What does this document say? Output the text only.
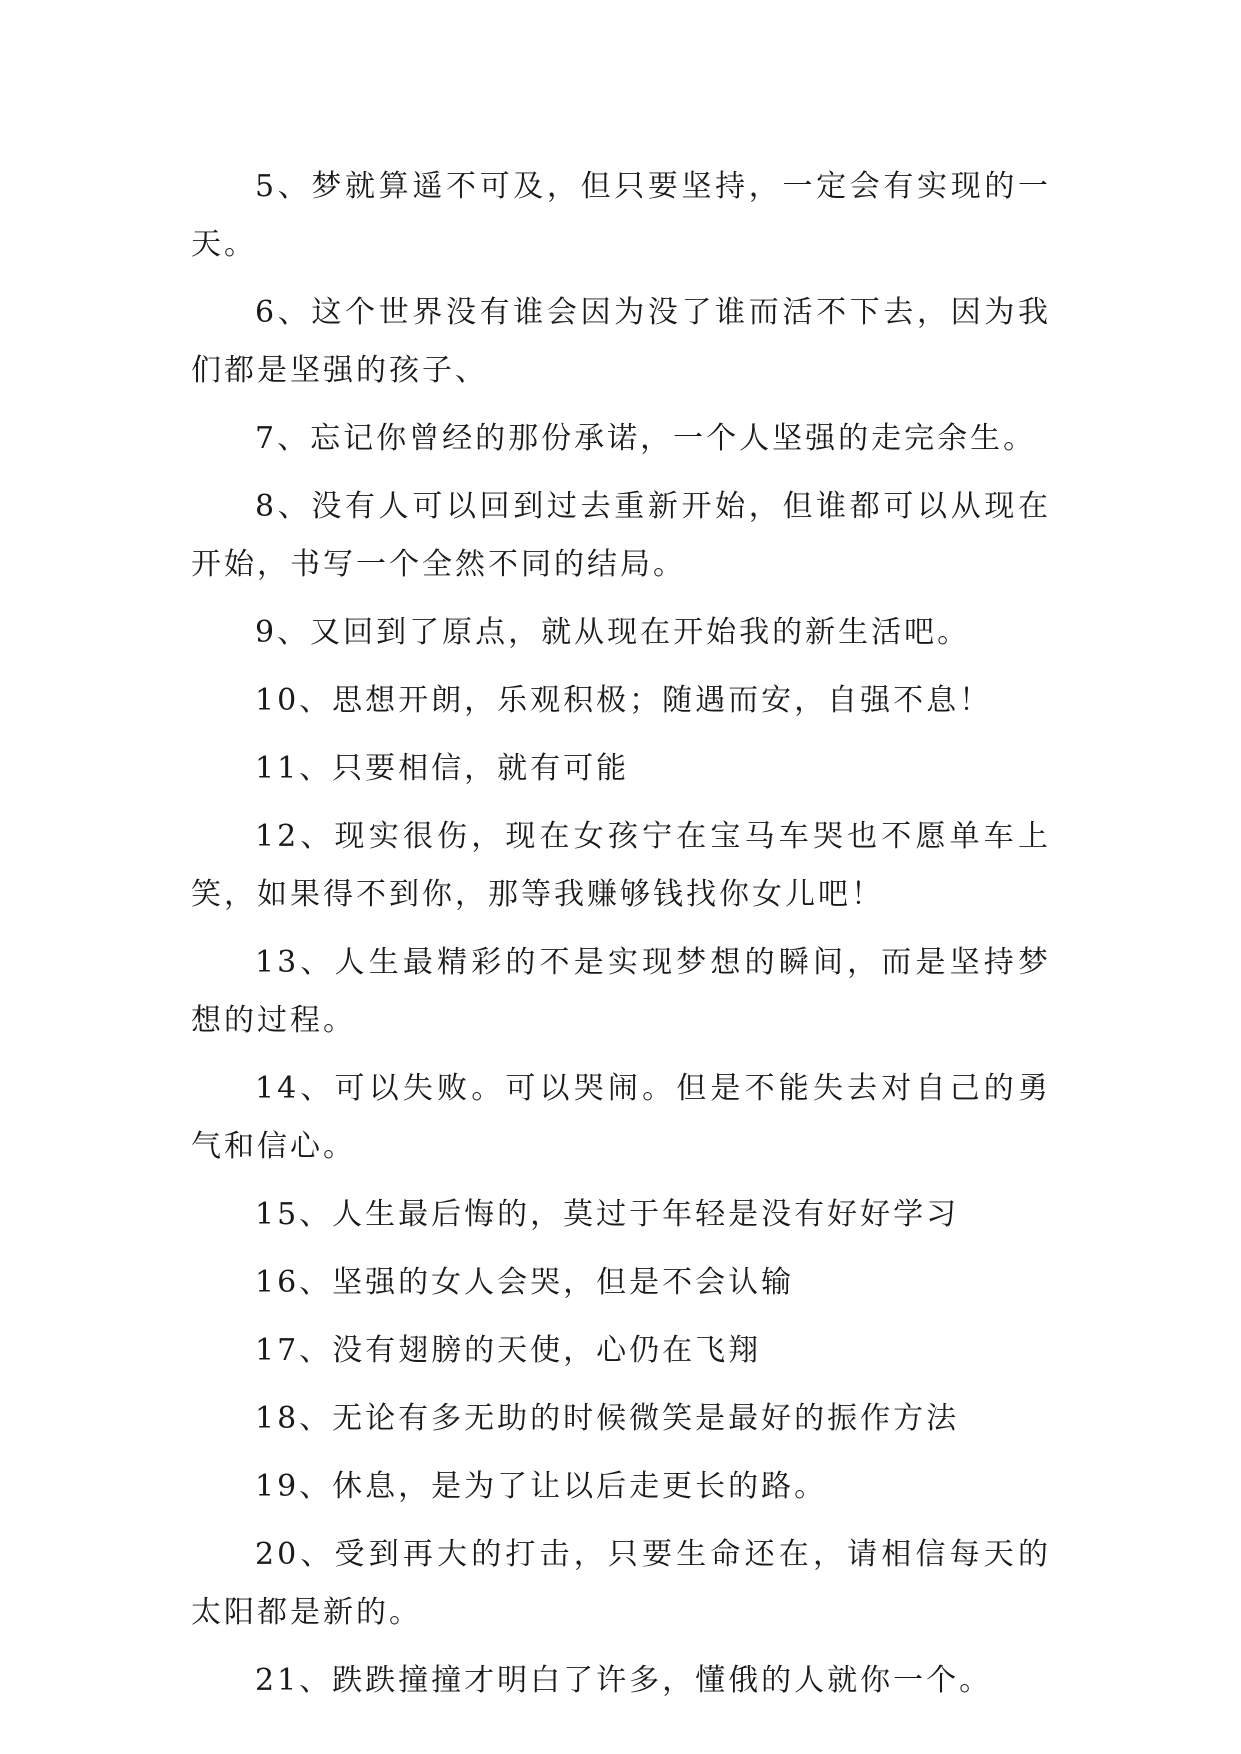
5、梦就算遥不可及，但只要坚持，一定会有实现的一天。

6、这个世界没有谁会因为没了谁而活不下去，因为我们都是坚强的孩子、

7、忘记你曾经的那份承诺，一个人坚强的走完余生。

8、没有人可以回到过去重新开始，但谁都可以从现在开始，书写一个全然不同的结局。

9、又回到了原点，就从现在开始我的新生活吧。

10、思想开朗，乐观积极；随遇而安，自强不息！

11、只要相信，就有可能

12、现实很伤，现在女孩宁在宝马车哭也不愿单车上笑，如果得不到你，那等我赚够钱找你女儿吧！

13、人生最精彩的不是实现梦想的瞬间，而是坚持梦想的过程。

14、可以失败。可以哭闹。但是不能失去对自己的勇气和信心。

15、人生最后悔的，莫过于年轻是没有好好学习

16、坚强的女人会哭，但是不会认输

17、没有翅膀的天使，心仍在飞翔

18、无论有多无助的时候微笑是最好的振作方法

19、休息，是为了让以后走更长的路。

20、受到再大的打击，只要生命还在，请相信每天的太阳都是新的。

21、跌跌撞撞才明白了许多，懂俄的人就你一个。
